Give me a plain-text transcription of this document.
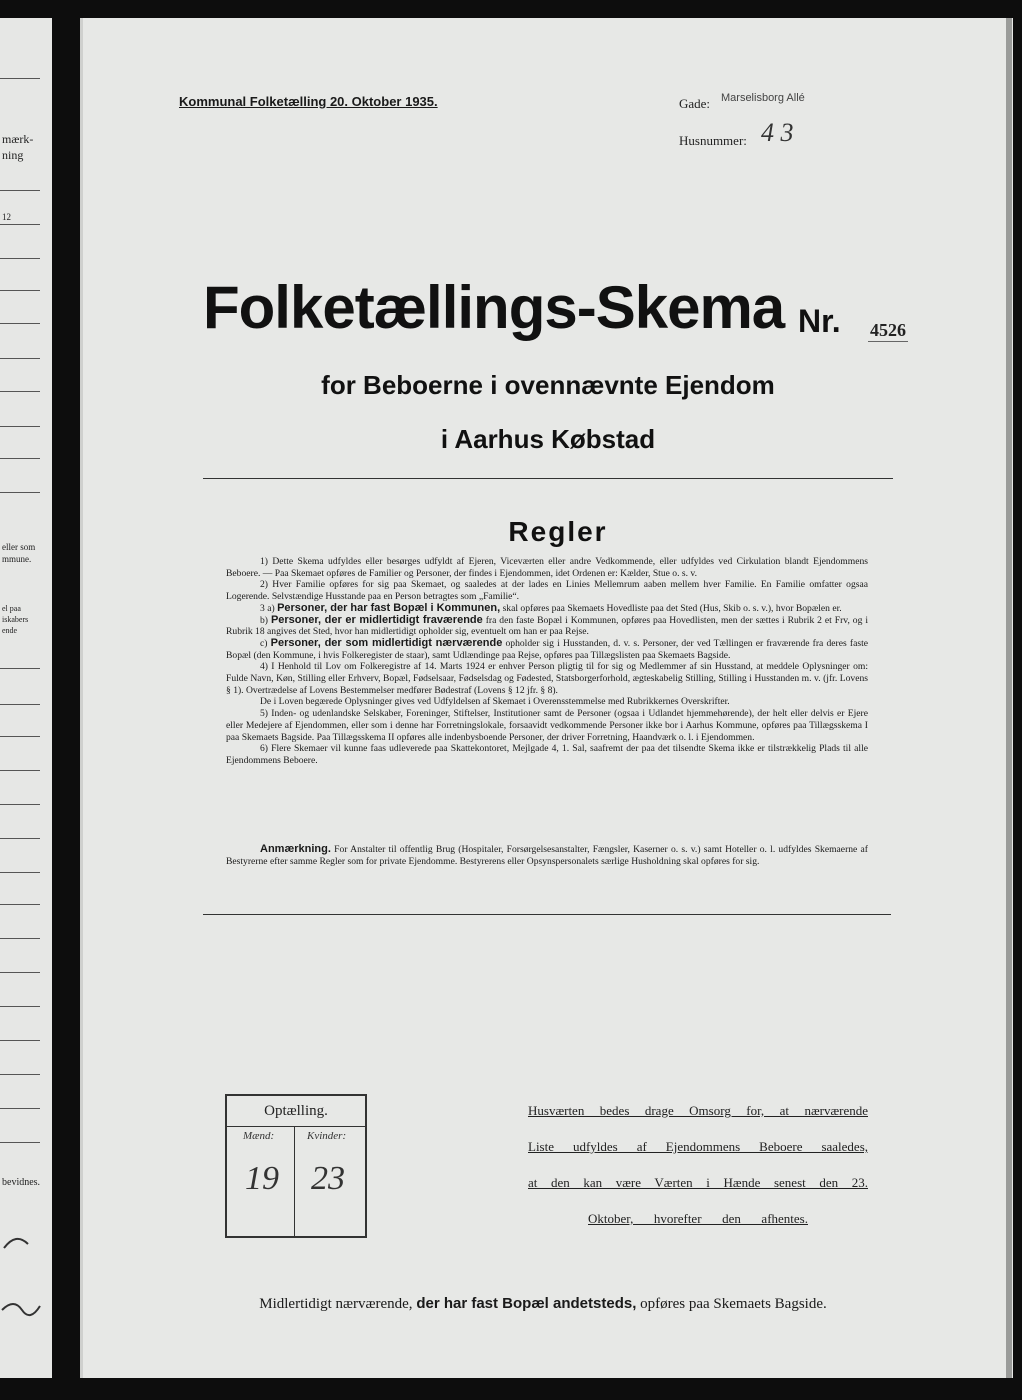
mærk-
ning
12
eller som
mmune.
el paa
iskabers
ende
bevidnes.
Kommunal Folketælling 20. Oktober 1935.	Gade: Marselisborg Allé
Husnummer: 4 3
Folketællings-Skema Nr. 4526
for Beboerne i ovennævnte Ejendom
i Aarhus Købstad
Regler

1) Dette Skema udfyldes eller besørges udfyldt af Ejeren, Viceværten eller andre Vedkommende, eller udfyldes ved Cirkulation blandt Ejendommens Beboere. — Paa Skemaet opføres de Familier og Personer, der findes i Ejendommen, idet Ordenen er: Kælder, Stue o. s. v.

2) Hver Familie opføres for sig paa Skemaet, og saaledes at der lades en Linies Mellemrum aaben mellem hver Familie. En Familie omfatter ogsaa Logerende. Selvstændige Husstande paa en Person betragtes som „Familie“.

3 a) Personer, der har fast Bopæl i Kommunen, skal opføres paa Skemaets Hovedliste paa det Sted (Hus, Skib o. s. v.), hvor Bopælen er.

b) Personer, der er midlertidigt fraværende fra den faste Bopæl i Kommunen, opføres paa Hovedlisten, men der sættes i Rubrik 2 et Frv, og i Rubrik 18 angives det Sted, hvor han midlertidigt opholder sig, eventuelt om han er paa Rejse.

c) Personer, der som midlertidigt nærværende opholder sig i Husstanden, d. v. s. Personer, der ved Tællingen er fraværende fra deres faste Bopæl (den Kommune, i hvis Folkeregister de staar), samt Udlændinge paa Rejse, opføres paa Tillægslisten paa Skemaets Bagside.

4) I Henhold til Lov om Folkeregistre af 14. Marts 1924 er enhver Person pligtig til for sig og Medlemmer af sin Husstand, at meddele Oplysninger om: Fulde Navn, Køn, Stilling eller Erhverv, Bopæl, Fødselsaar, Fødselsdag og Fødested, Statsborgerforhold, ægteskabelig Stilling, Stilling i Husstanden m. v. (jfr. Lovens § 1). Overtrædelse af Lovens Bestemmelser medfører Bødestraf (Lovens § 12 jfr. § 8).

De i Loven begærede Oplysninger gives ved Udfyldelsen af Skemaet i Overensstemmelse med Rubrikkernes Overskrifter.

5) Inden- og udenlandske Selskaber, Foreninger, Stiftelser, Institutioner samt de Personer (ogsaa i Udlandet hjemmehørende), der helt eller delvis er Ejere eller Medejere af Ejendommen, eller som i denne har Forretningslokale, forsaavidt vedkommende Personer ikke bor i Aarhus Kommune, opføres paa Tillægsskema I paa Skemaets Bagside. Paa Tillægsskema II opføres alle indenbysboende Personer, der driver Forretning, Haandværk o. l. i Ejendommen.

6) Flere Skemaer vil kunne faas udleverede paa Skattekontoret, Mejlgade 4, 1. Sal, saafremt der paa det tilsendte Skema ikke er tilstrækkelig Plads til alle Ejendommens Beboere.

Anmærkning. For Anstalter til offentlig Brug (Hospitaler, Forsørgelsesanstalter, Fængsler, Kaserner o. s. v.) samt Hoteller o. l. udfyldes Skemaerne af Bestyrerne efter samme Regler som for private Ejendomme. Bestyrerens eller Opsynspersonalets særlige Husholdning skal opføres for sig.
Optælling.
Mænd:	Kvinder:
19 23
Husværten bedes drage Omsorg for, at nærværende
Liste udfyldes af Ejendommens Beboere saaledes,
at den kan være Værten i Hænde senest den 23.
Oktober, hvorefter den afhentes.
Midlertidigt nærværende, der har fast Bopæl andetsteds, opføres paa Skemaets Bagside.
